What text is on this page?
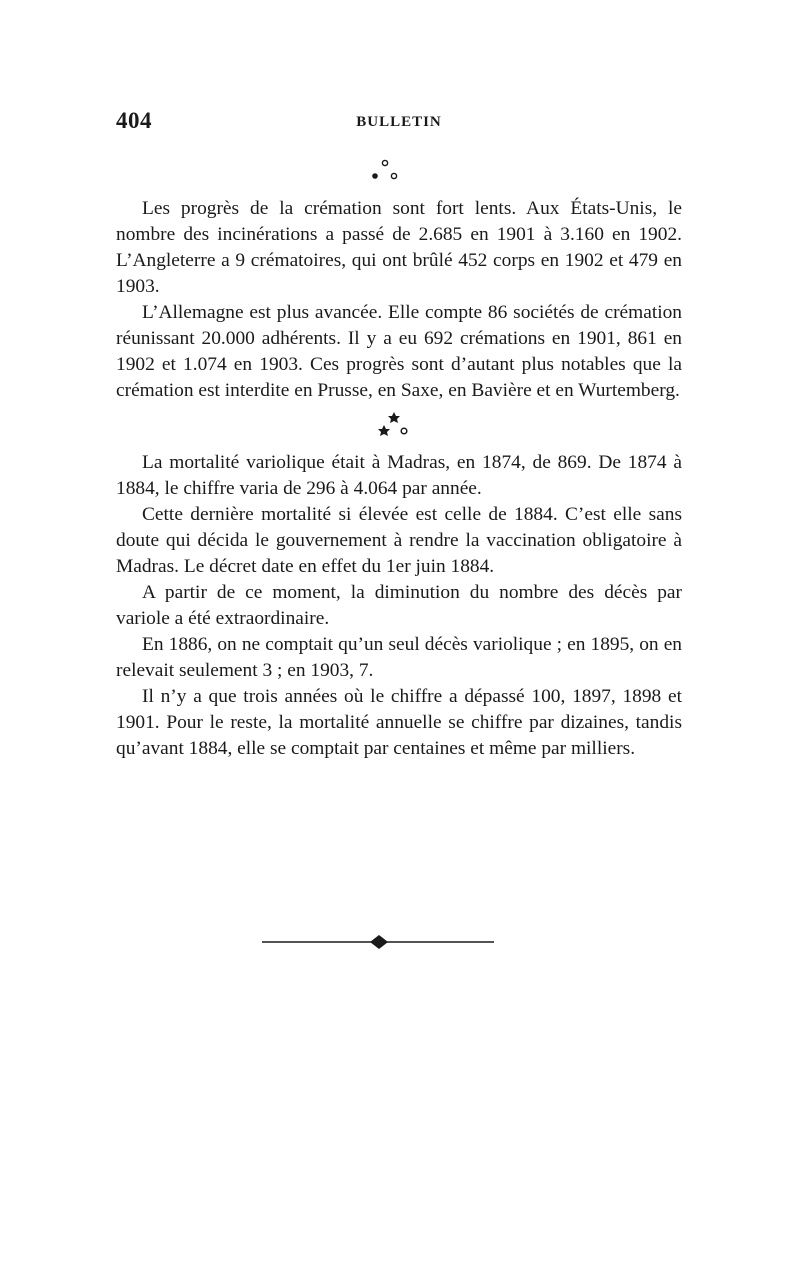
404	BULLETIN

Les progrès de la crémation sont fort lents. Aux États-Unis, le nombre des incinérations a passé de 2.685 en 1901 à 3.160 en 1902. L’Angleterre a 9 crématoires, qui ont brûlé 452 corps en 1902 et 479 en 1903.

L’Allemagne est plus avancée. Elle compte 86 sociétés de crémation réunissant 20.000 adhérents. Il y a eu 692 crémations en 1901, 861 en 1902 et 1.074 en 1903. Ces progrès sont d’autant plus notables que la crémation est interdite en Prusse, en Saxe, en Bavière et en Wurtemberg.

La mortalité variolique était à Madras, en 1874, de 869. De 1874 à 1884, le chiffre varia de 296 à 4.064 par année.

Cette dernière mortalité si élevée est celle de 1884. C’est elle sans doute qui décida le gouvernement à rendre la vaccination obligatoire à Madras. Le décret date en effet du 1er juin 1884.

A partir de ce moment, la diminution du nombre des décès par variole a été extraordinaire.

En 1886, on ne comptait qu’un seul décès variolique ; en 1895, on en relevait seulement 3 ; en 1903, 7.

Il n’y a que trois années où le chiffre a dépassé 100, 1897, 1898 et 1901. Pour le reste, la mortalité annuelle se chiffre par dizaines, tandis qu’avant 1884, elle se comptait par centaines et même par milliers.
